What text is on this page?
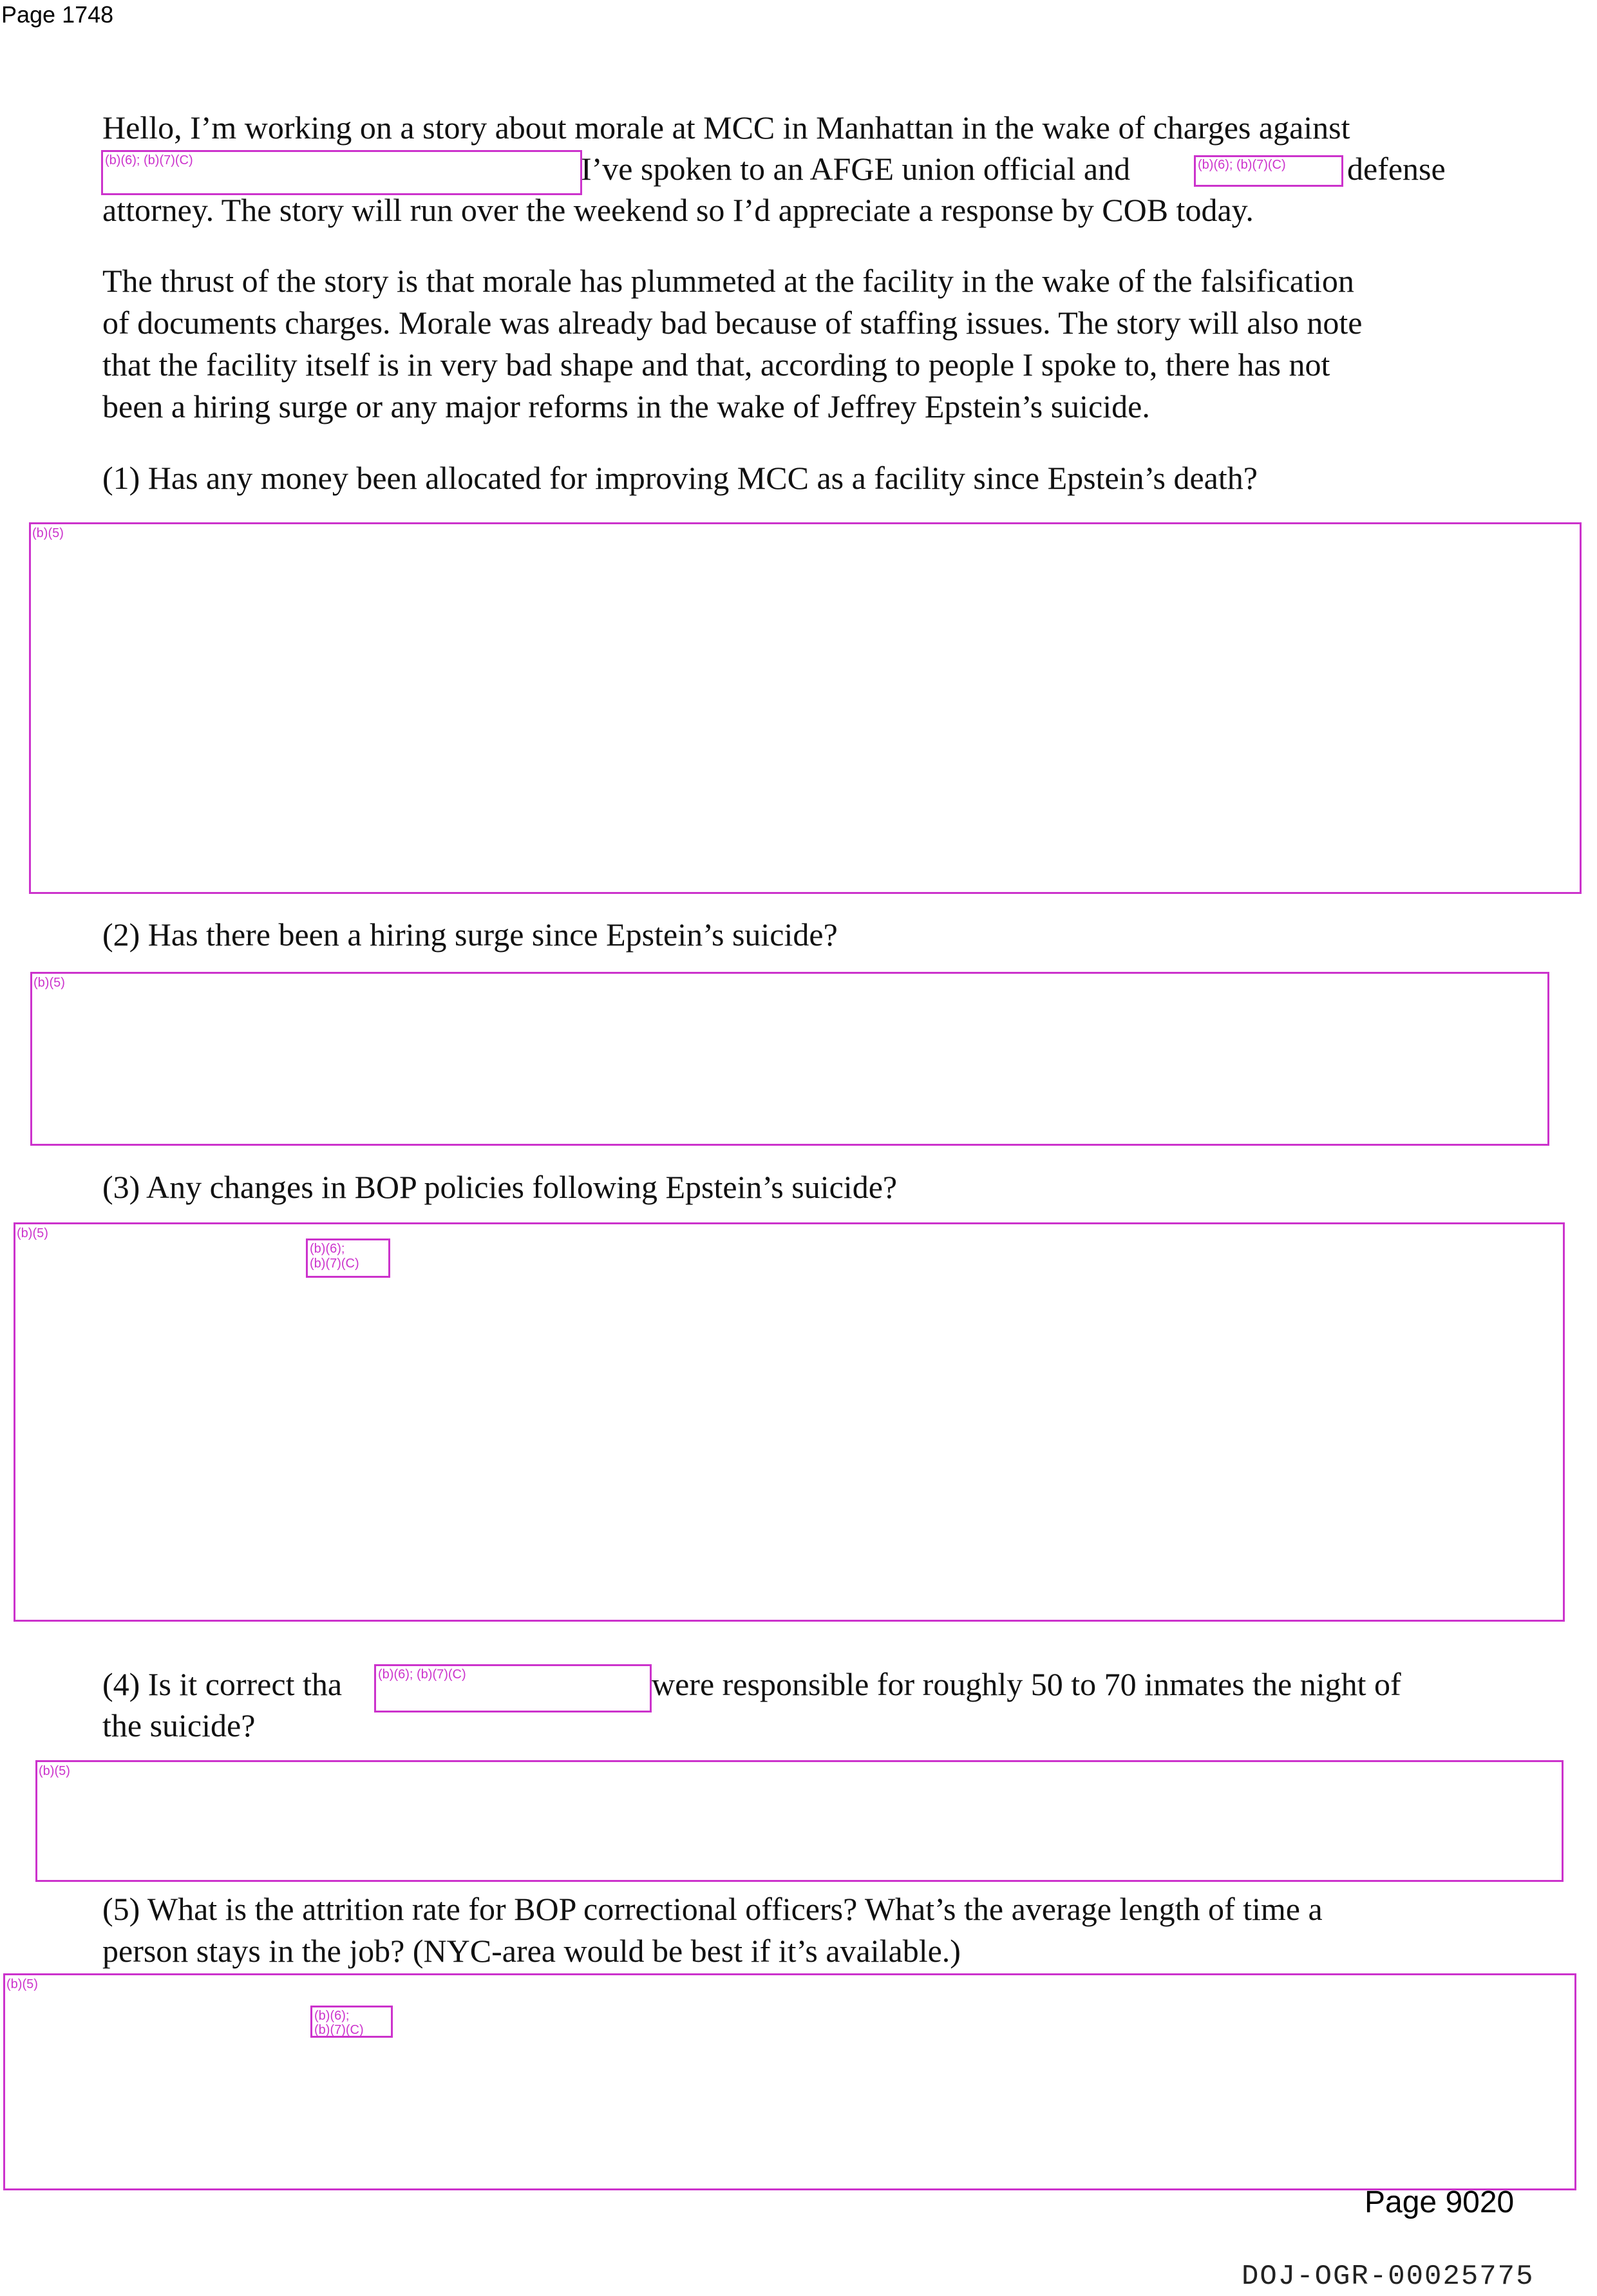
Page 1748
Hello, I’m working on a story about morale at MCC in Manhattan in the wake of charges against
I’ve spoken to an AFGE union official and	defense
attorney. The story will run over the weekend so I’d appreciate a response by COB today.
(b)(6); (b)(7)(C)	(b)(6); (b)(7)(C)
The thrust of the story is that morale has plummeted at the facility in the wake of the falsification
of documents charges. Morale was already bad because of staffing issues. The story will also note
that the facility itself is in very bad shape and that, according to people I spoke to, there has not
been a hiring surge or any major reforms in the wake of Jeffrey Epstein’s suicide.
(1) Has any money been allocated for improving MCC as a facility since Epstein’s death?
(b)(5)
(2) Has there been a hiring surge since Epstein’s suicide?
(b)(5)
(3) Any changes in BOP policies following Epstein’s suicide?
(b)(5)
(b)(6);
(b)(7)(C)
(4) Is it correct tha	(b)(6); (b)(7)(C)	were responsible for roughly 50 to 70 inmates the night of
the suicide?
(b)(5)
(5) What is the attrition rate for BOP correctional officers? What’s the average length of time a
person stays in the job? (NYC-area would be best if it’s available.)
(b)(5)
(b)(6);
(b)(7)(C)
Page 9020
DOJ-OGR-00025775
